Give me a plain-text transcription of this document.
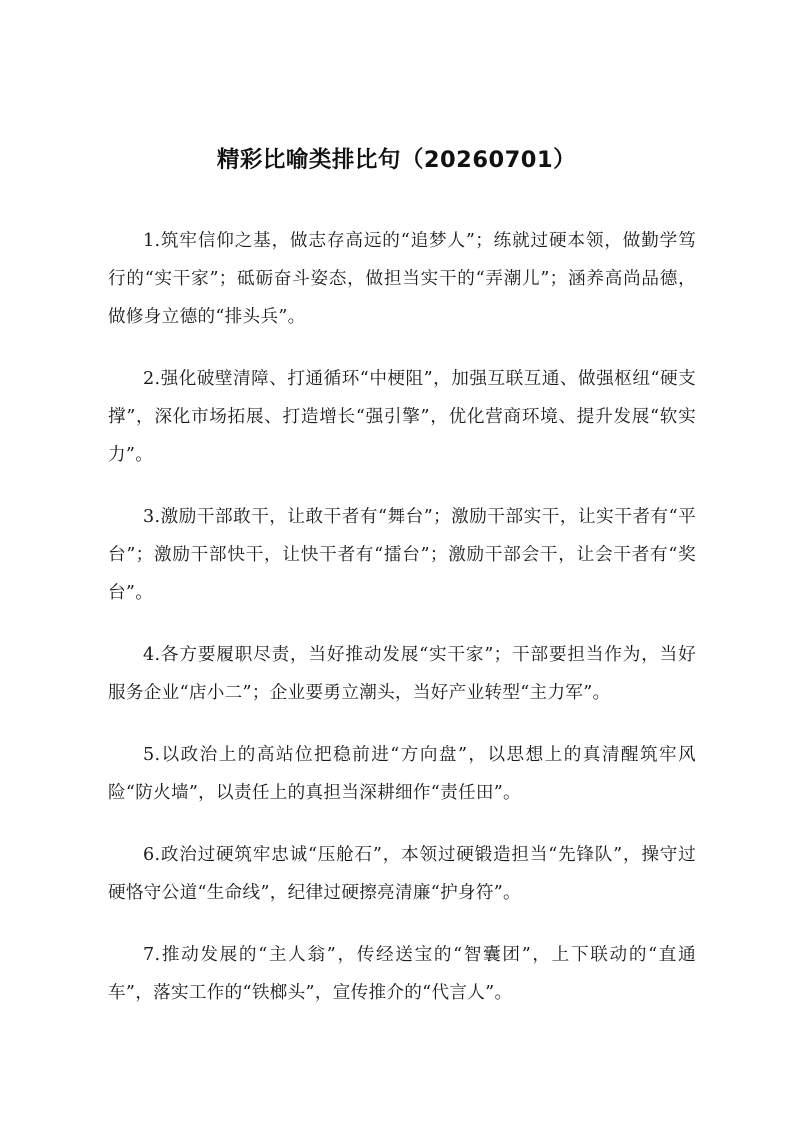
精彩比喻类排比句（20260701）

1.筑牢信仰之基，做志存高远的“追梦人”；练就过硬本领，做勤学笃行的“实干家”；砥砺奋斗姿态，做担当实干的“弄潮儿”；涵养高尚品德，做修身立德的“排头兵”。

2.强化破壁清障、打通循环“中梗阻”，加强互联互通、做强枢纽“硬支撑”，深化市场拓展、打造增长“强引擎”，优化营商环境、提升发展“软实力”。

3.激励干部敢干，让敢干者有“舞台”；激励干部实干，让实干者有“平台”；激励干部快干，让快干者有“擂台”；激励干部会干，让会干者有“奖台”。

4.各方要履职尽责，当好推动发展“实干家”；干部要担当作为，当好服务企业“店小二”；企业要勇立潮头，当好产业转型“主力军”。

5.以政治上的高站位把稳前进“方向盘”，以思想上的真清醒筑牢风险“防火墙”，以责任上的真担当深耕细作“责任田”。

6.政治过硬筑牢忠诚“压舱石”，本领过硬锻造担当“先锋队”，操守过硬恪守公道“生命线”，纪律过硬擦亮清廉“护身符”。

7.推动发展的“主人翁”，传经送宝的“智囊团”，上下联动的“直通车”，落实工作的“铁榔头”，宣传推介的“代言人”。
